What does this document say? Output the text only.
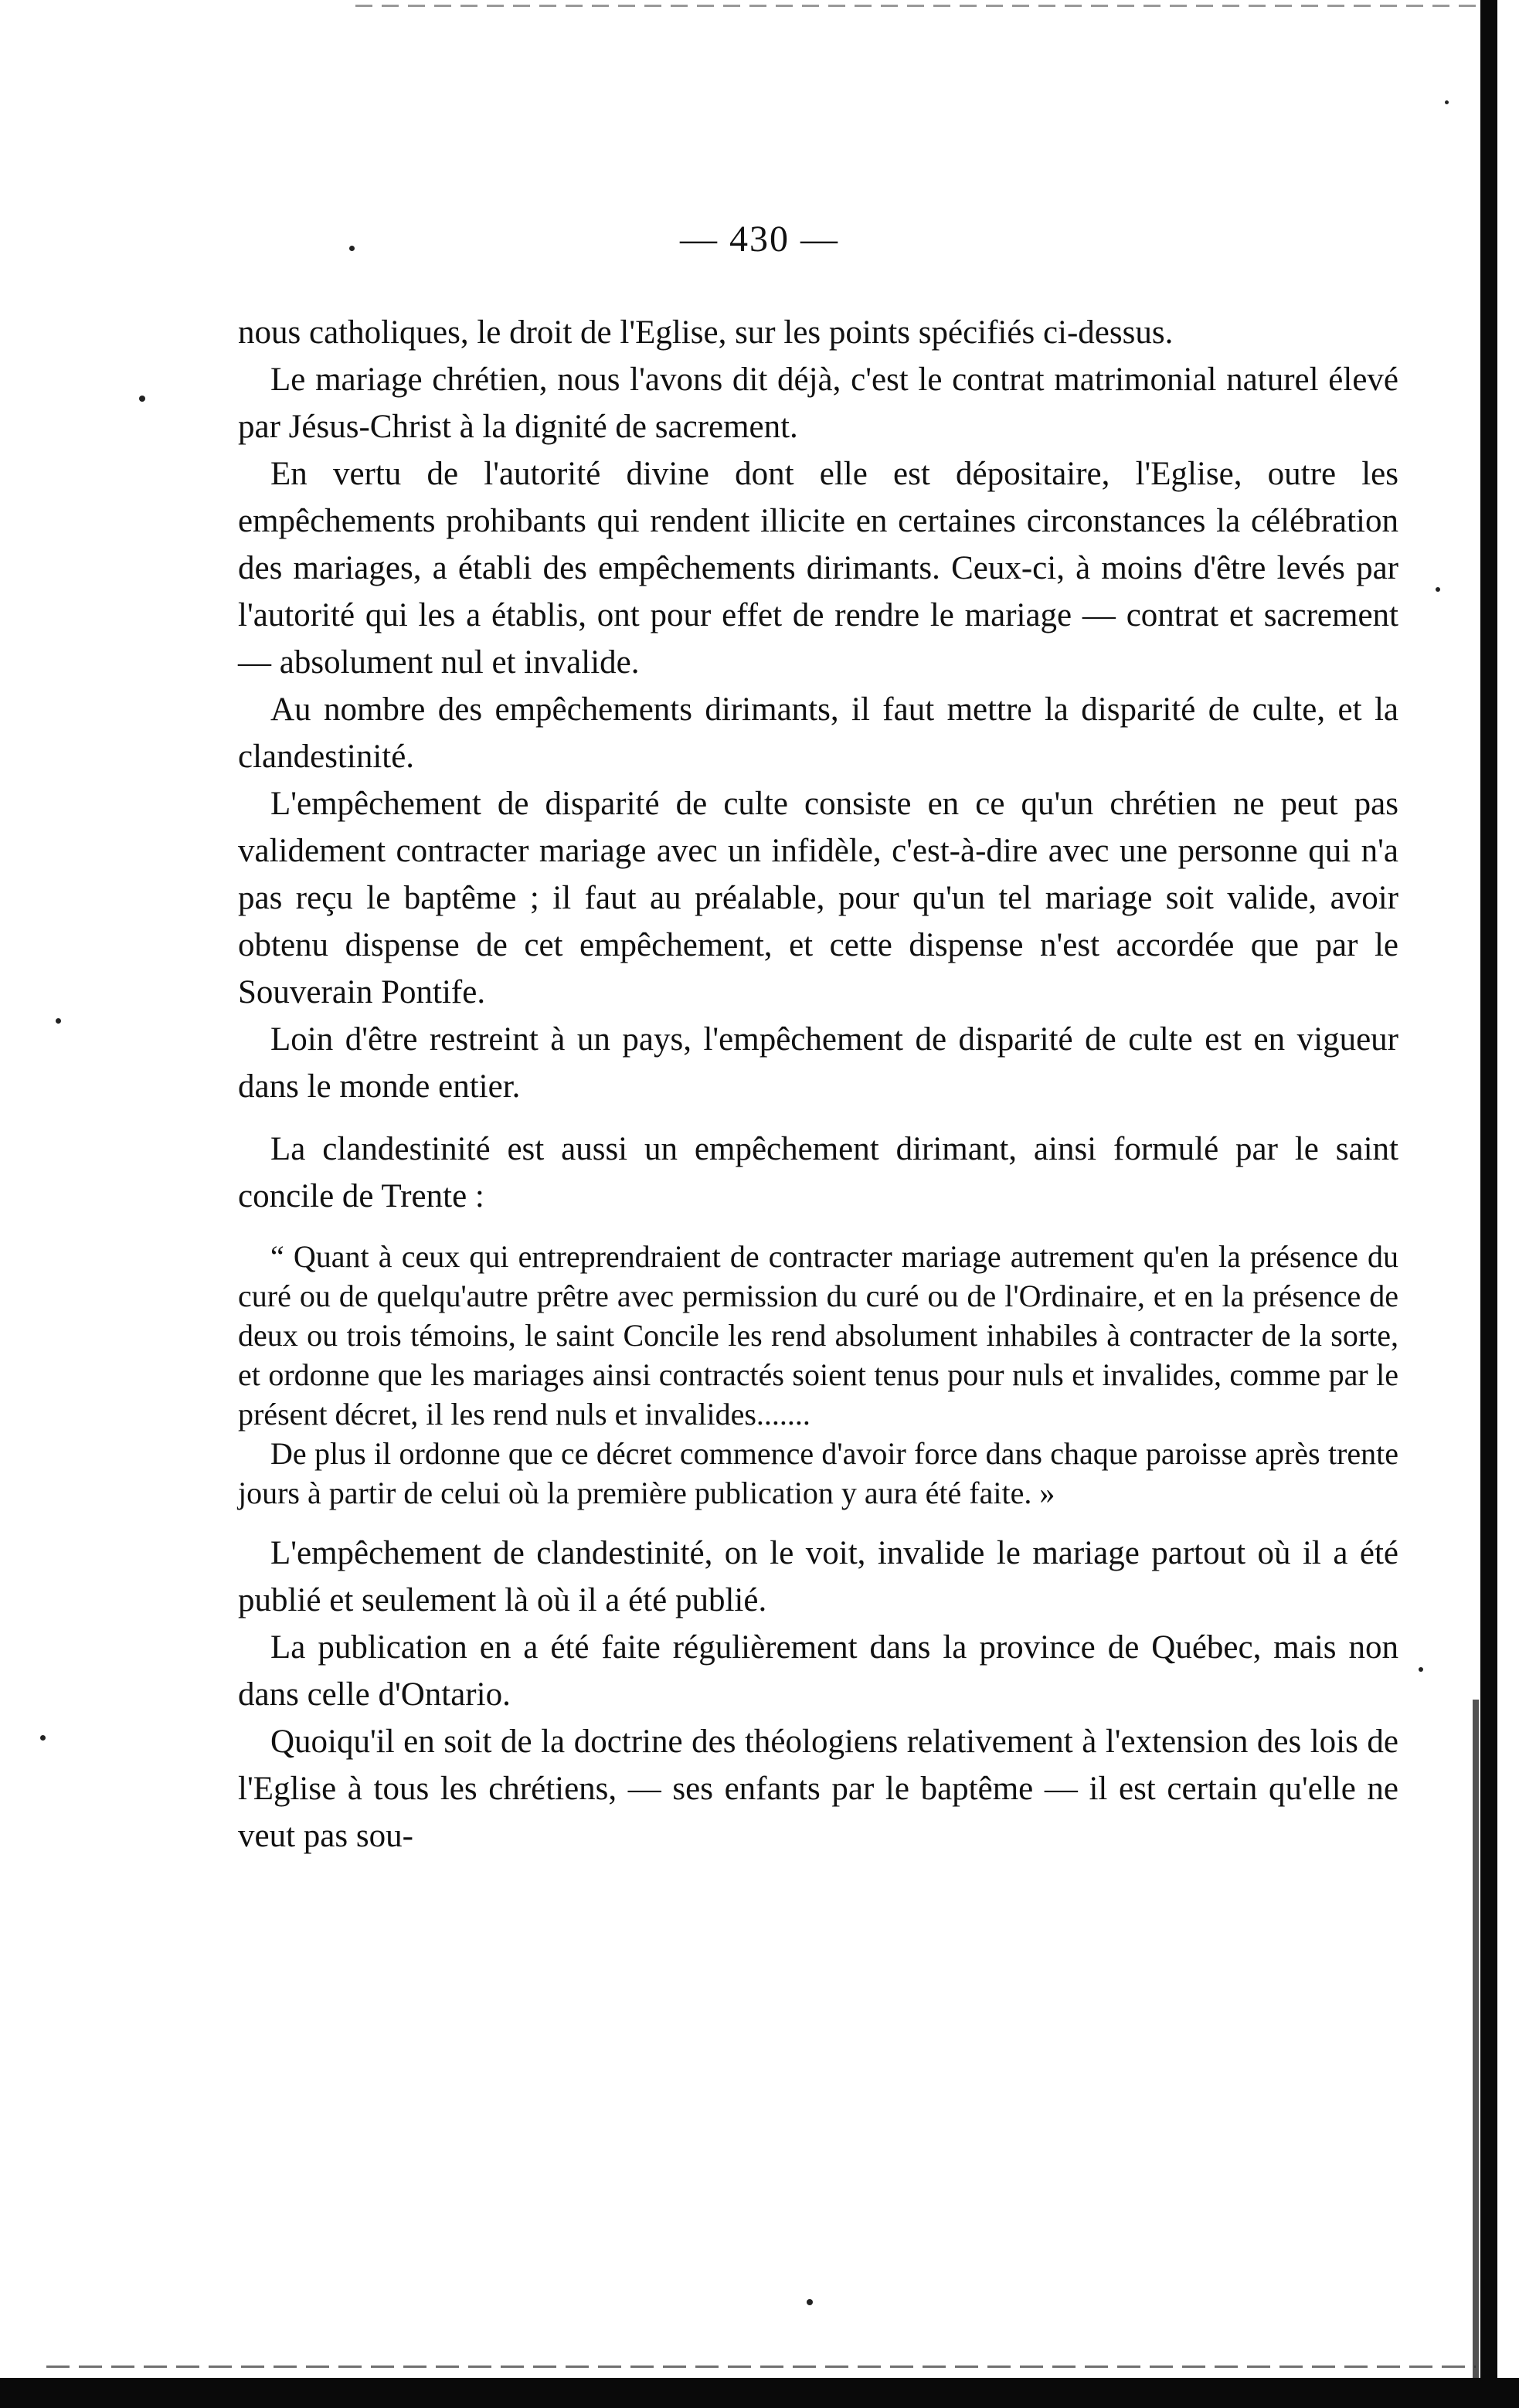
— 430 —

nous catholiques, le droit de l'Eglise, sur les points spécifiés ci-dessus.

Le mariage chrétien, nous l'avons dit déjà, c'est le contrat matrimonial naturel élevé par Jésus-Christ à la dignité de sacrement.

En vertu de l'autorité divine dont elle est dépositaire, l'Eglise, outre les empêchements prohibants qui rendent illicite en certaines circonstances la célébration des mariages, a établi des empêchements dirimants. Ceux-ci, à moins d'être levés par l'autorité qui les a établis, ont pour effet de rendre le mariage — contrat et sacrement — absolument nul et invalide.

Au nombre des empêchements dirimants, il faut mettre la disparité de culte, et la clandestinité.

L'empêchement de disparité de culte consiste en ce qu'un chrétien ne peut pas validement contracter mariage avec un infidèle, c'est-à-dire avec une personne qui n'a pas reçu le baptême ; il faut au préalable, pour qu'un tel mariage soit valide, avoir obtenu dispense de cet empêchement, et cette dispense n'est accordée que par le Souverain Pontife.

Loin d'être restreint à un pays, l'empêchement de disparité de culte est en vigueur dans le monde entier.

La clandestinité est aussi un empêchement dirimant, ainsi formulé par le saint concile de Trente :

“ Quant à ceux qui entreprendraient de contracter mariage autrement qu'en la présence du curé ou de quelqu'autre prêtre avec permission du curé ou de l'Ordinaire, et en la présence de deux ou trois témoins, le saint Concile les rend absolument inhabiles à contracter de la sorte, et ordonne que les mariages ainsi contractés soient tenus pour nuls et invalides, comme par le présent décret, il les rend nuls et invalides.......

De plus il ordonne que ce décret commence d'avoir force dans chaque paroisse après trente jours à partir de celui où la première publication y aura été faite. »

L'empêchement de clandestinité, on le voit, invalide le mariage partout où il a été publié et seulement là où il a été publié.

La publication en a été faite régulièrement dans la province de Québec, mais non dans celle d'Ontario.

Quoiqu'il en soit de la doctrine des théologiens relativement à l'extension des lois de l'Eglise à tous les chrétiens, — ses enfants par le baptême — il est certain qu'elle ne veut pas sou-
